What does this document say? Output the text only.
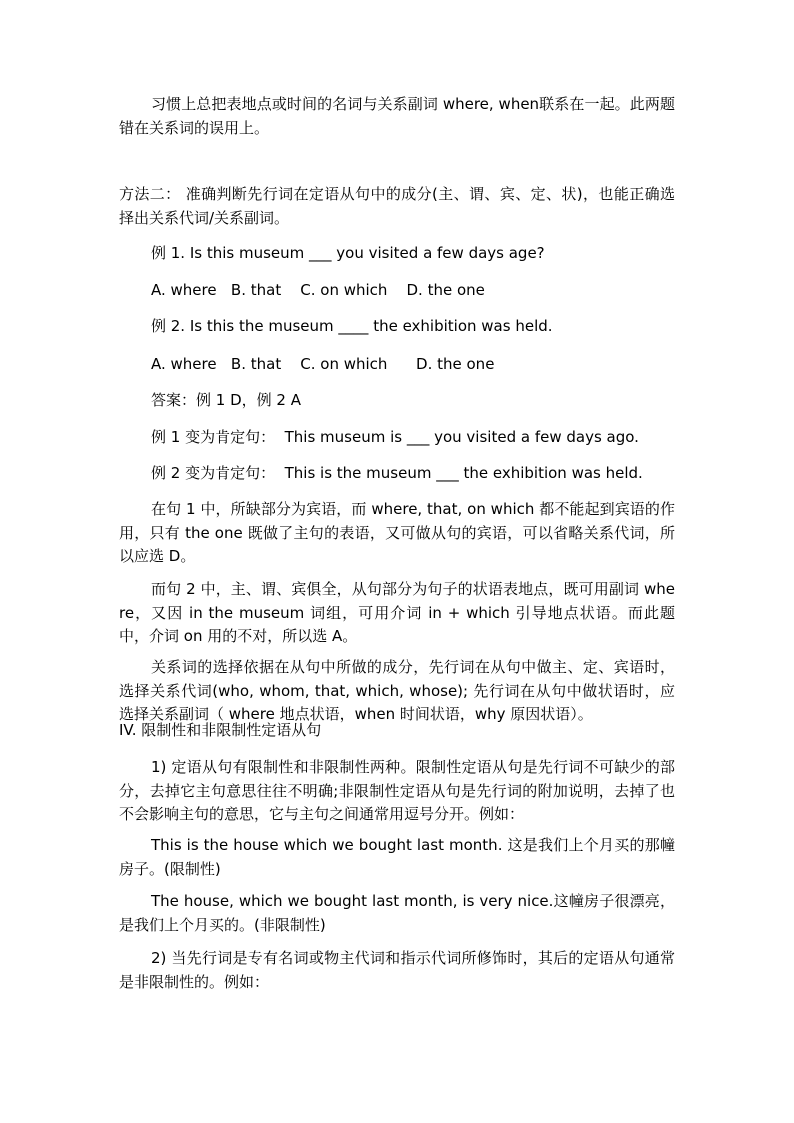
习惯上总把表地点或时间的名词与关系副词 where, when联系在一起。此两题错在关系词的误用上。

方法二： 准确判断先行词在定语从句中的成分(主、谓、宾、定、状)，也能正确选择出关系代词/关系副词。

例 1. Is this museum ___ you visited a few days age?

A. where   B. that    C. on which    D. the one

例 2. Is this the museum ____ the exhibition was held.

A. where   B. that    C. on which      D. the one

答案：例 1 D，例 2 A

例 1 变为肯定句：  This museum is ___ you visited a few days ago.

例 2 变为肯定句：  This is the museum ___ the exhibition was held.

在句 1 中，所缺部分为宾语，而 where, that, on which 都不能起到宾语的作用，只有 the one 既做了主句的表语，又可做从句的宾语，可以省略关系代词，所以应选 D。

而句 2 中，主、谓、宾俱全，从句部分为句子的状语表地点，既可用副词 where，又因 in the museum 词组，可用介词 in + which 引导地点状语。而此题中，介词 on 用的不对，所以选 A。

关系词的选择依据在从句中所做的成分，先行词在从句中做主、定、宾语时，选择关系代词(who, whom, that, which, whose); 先行词在从句中做状语时，应选择关系副词（ where 地点状语，when 时间状语，why 原因状语）。

IV. 限制性和非限制性定语从句

1) 定语从句有限制性和非限制性两种。限制性定语从句是先行词不可缺少的部分，去掉它主句意思往往不明确;非限制性定语从句是先行词的附加说明，去掉了也不会影响主句的意思，它与主句之间通常用逗号分开。例如：

This is the house which we bought last month. 这是我们上个月买的那幢房子。(限制性)

The house, which we bought last month, is very nice.这幢房子很漂亮，是我们上个月买的。(非限制性)

2) 当先行词是专有名词或物主代词和指示代词所修饰时，其后的定语从句通常是非限制性的。例如：
